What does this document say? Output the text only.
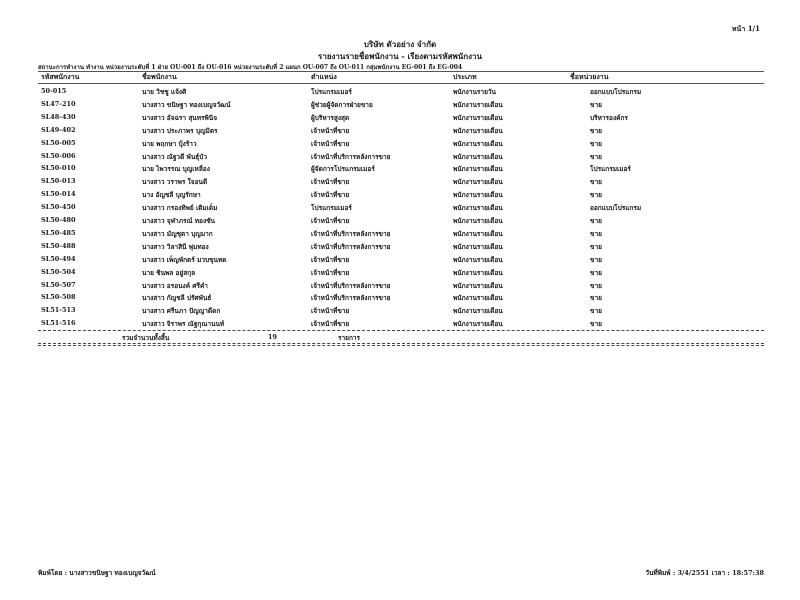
หน้า 1/1
บริษัท ตัวอย่าง จำกัด
รายงานรายชื่อพนักงาน - เรียงตามรหัสพนักงาน
สถานะการทำงาน ทำงาน หน่วยงานระดับที่ 1 ฝ่าย OU-001 ถึง OU-016 หน่วยงานระดับที่ 2 แผนก OU-007 ถึง OU-011 กลุ่มพนักงาน EG-001 ถึง EG-004
รหัสพนักงาน	ชื่อพนักงาน	ตำแหน่ง	ประเภท	ชื่อหน่วยงาน
50-015	นาย วิชชู แจ้งศิ	โปรแกรมเมอร์	พนักงานรายวัน	ออกแบบโปรแกรม
SL47-210	นางสาว ขนิษฐา ทองเบญจวัฒน์	ผู้ช่วยผู้จัดการฝ่ายขาย	พนักงานรายเดือน	ขาย
SL48-430	นางสาว อัจฉรา สุนทรพินิจ	ผู้บริหารสูงสุด	พนักงานรายเดือน	บริหารองค์กร
SL49-402	นางสาว ประภาพร บุญมิตร	เจ้าหน้าที่ขาย	พนักงานรายเดือน	ขาย
SL50-005	นาย พฤกษา บุ้งร้าว	เจ้าหน้าที่ขาย	พนักงานรายเดือน	ขาย
SL50-006	นางสาว ณัฐวดี พันธุ์บัว	เจ้าหน้าที่บริการหลังการขาย	พนักงานรายเดือน	ขาย
SL50-010	นาย ไพวรรณ บุญเหลือง	ผู้จัดการโปรแกรมเมอร์	พนักงานรายเดือน	โปรแกรมเมอร์
SL50-013	นางสาว วราพร ใจอนดี	เจ้าหน้าที่ขาย	พนักงานรายเดือน	ขาย
SL50-014	นาง อัญชลี บุญรักษา	เจ้าหน้าที่ขาย	พนักงานรายเดือน	ขาย
SL50-450	นางสาว กรองทิพย์ เติมเต็ม	โปรแกรมเมอร์	พนักงานรายเดือน	ออกแบบโปรแกรม
SL50-480	นางสาว จุฬาภรณ์ ทองชัน	เจ้าหน้าที่ขาย	พนักงานรายเดือน	ขาย
SL50-485	นางสาว มัญชุตา บุญมาก	เจ้าหน้าที่บริการหลังการขาย	พนักงานรายเดือน	ขาย
SL50-488	นางสาว วิลาสินี พุ่มทอง	เจ้าหน้าที่บริการหลังการขาย	พนักงานรายเดือน	ขาย
SL50-494	นางสาว เพ็ญพักตร์ มวบขุนทด	เจ้าหน้าที่ขาย	พนักงานรายเดือน	ขาย
SL50-504	นาย ชินพล อยู่สกุล	เจ้าหน้าที่ขาย	พนักงานรายเดือน	ขาย
SL50-507	นางสาว อรอนงค์ ศรีคำ	เจ้าหน้าที่บริการหลังการขาย	พนักงานรายเดือน	ขาย
SL50-508	นางสาว กัญชลี ปรัศพันธ์	เจ้าหน้าที่บริการหลังการขาย	พนักงานรายเดือน	ขาย
SL51-513	นางสาว ศรีนภา ปัญญาดีดก	เจ้าหน้าที่ขาย	พนักงานรายเดือน	ขาย
SL51-516	นางสาว จิราพร ณัฐกุณานนท์	เจ้าหน้าที่ขาย	พนักงานรายเดือน	ขาย
รวมจำนวนทั้งสิ้น	19	รายการ
พิมพ์โดย : นางสาวขนิษฐา ทองเบญจวัฒน์	วันที่พิมพ์ : 3/4/2551 เวลา : 18:57:38
